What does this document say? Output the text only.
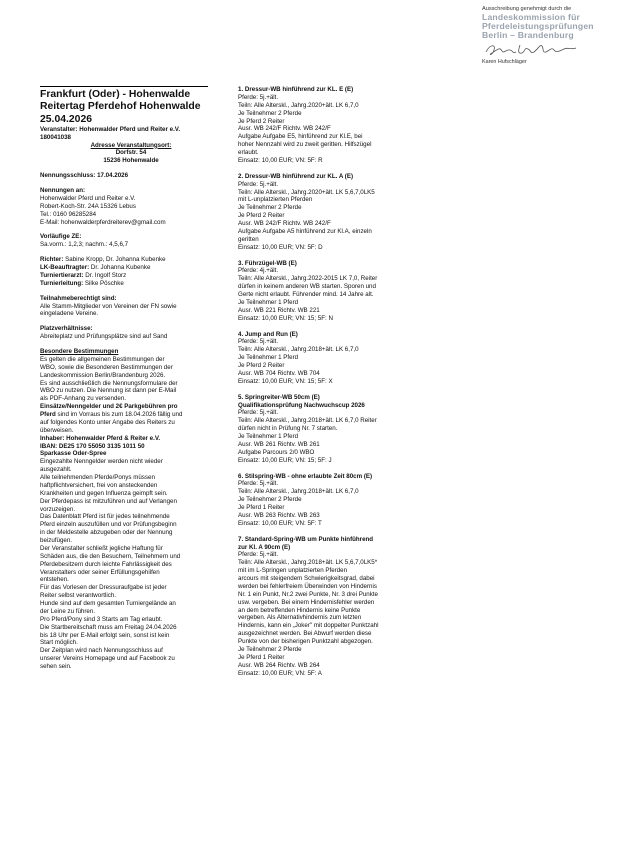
Ausschreibung genehmigt durch die
Landeskommission für
Pferdeleistungsprüfungen
Berlin – Brandenburg
Karen Hufschläger
Frankfurt (Oder) - Hohenwalde
Reitertag Pferdehof Hohenwalde
25.04.2026

Veranstalter: Hohenwalder Pferd und Reiter e.V.

180041038

Adresse Veranstaltungsort:

Dorfstr. 54

15236 Hohenwalde

Nennungsschluss: 17.04.2026

Nennungen an:

Hohenwalder Pferd und Reiter e.V.

Robert-Koch-Str. 24A 15326 Lebus

Tel.: 0160 96285284

E-Mail: hohenwalderpferdreiterev@gmail.com

Vorläufige ZE:

Sa.vorm.: 1,2,3; nachm.: 4,5,6,7

Richter: Sabine Kropp, Dr. Johanna Kubenke

LK-Beauftragter: Dr. Johanna Kubenke

Turniertierarzt: Dr. Ingolf Storz

Turnierleitung: Silke Pöschke

Teilnahmeberechtigt sind:

Alle Stamm-Mitglieder von Vereinen der FN sowie

eingeladene Vereine.

Platzverhältnisse:

Abreiteplatz und Prüfungsplätze sind auf Sand

Besondere Bestimmungen

Es gelten die allgemeinen Bestimmungen der

WBO, sowie die Besonderen Bestimmungen der

Landeskommission Berlin/Brandenburg 2026.

Es sind ausschließlich die Nennungsformulare der

WBO zu nutzen. Die Nennung ist dann per E-Mail

als PDF-Anhang zu versenden.

Einsätze/Nenngelder und 2€ Parkgebühren pro

Pferd sind im Vorraus bis zum 18.04.2026 fällig und

auf folgendes Konto unter Angabe des Reiters zu

überweisen.

Inhaber: Hohenwalder Pferd & Reiter e.V.

IBAN: DE25 170 55050 3135 1011 50

Sparkasse Oder-Spree

Eingezahlte Nenngelder werden nicht wieder

ausgezahlt.

Alle teilnehmenden Pferde/Ponys müssen

haftpflichtversichert, frei von ansteckenden

Krankheiten und gegen Influenza geimpft sein.

Der Pferdepass ist mitzuführen und auf Verlangen

vorzuzeigen.

Das Datenblatt Pferd ist für jedes teilnehmende

Pferd einzeln auszufüllen und vor Prüfungsbeginn

in der Meldestelle abzugeben oder der Nennung

beizufügen.

Der Veranstalter schließt jegliche Haftung für

Schäden aus, die den Besuchern, Teilnehmern und

Pferdebesitzern durch leichte Fahrlässigkeit des

Veranstalters oder seiner Erfüllungsgehilfen

entstehen.

Für das Vorlesen der Dressuraufgabe ist jeder

Reiter selbst verantwortlich.

Hunde sind auf dem gesamten Turniergelände an

der Leine zu führen.

Pro Pferd/Pony sind 3 Starts am Tag erlaubt.

Die Startbereitschaft muss am Freitag 24.04.2026

bis 18 Uhr per E-Mail erfolgt sein, sonst ist kein

Start möglich.

Der Zeitplan wird nach Nennungsschluss auf

unserer Vereins Homepage und auf Facebook zu

sehen sein.

1. Dressur-WB hinführend zur KL. E (E)

Pferde: 5j.+ält.

Teiln: Alle Alterskl., Jahrg.2020+ält. LK 6,7,0

Je Teilnehmer 2 Pferde

Je Pferd 2 Reiter

Ausr. WB 242/F Richtv. WB 242/F

Aufgabe Aufgabe E5, hinführend zur Kl.E, bei

hoher Nennzahl wird zu zweit geritten. Hilfszügel

erlaubt.

Einsatz: 10,00 EUR; VN: 5F: R

2. Dressur-WB hinführend zur KL. A (E)

Pferde: 5j.+ält.

Teiln: Alle Alterskl., Jahrg.2020+ält. LK 5,6,7,0LK5

mit L-unplatzierten Pferden

Je Teilnehmer 2 Pferde

Je Pferd 2 Reiter

Ausr. WB 242/F Richtv. WB 242/F

Aufgabe Aufgabe A5 hinführend zur Kl.A, einzeln

geritten

Einsatz: 10,00 EUR; VN: 5F: D

3. Führzügel-WB (E)

Pferde: 4j.+ält.

Teiln: Alle Alterskl., Jahrg.2022-2015 LK 7,0, Reiter

dürfen in keinem anderen WB starten. Sporen und

Gerte nicht erlaubt. Führender mind. 14 Jahre alt.

Je Teilnehmer 1 Pferd

Ausr. WB 221 Richtv. WB 221

Einsatz: 10,00 EUR; VN: 15; 5F: N

4. Jump and Run (E)

Pferde: 5j.+ält.

Teiln: Alle Alterskl., Jahrg.2018+ält. LK 6,7,0

Je Teilnehmer 1 Pferd

Je Pferd 2 Reiter

Ausr. WB 704 Richtv. WB 704

Einsatz: 10,00 EUR; VN: 15; 5F: X

5. Springreiter-WB 50cm (E)

Qualifikationsprüfung Nachwuchscup 2026

Pferde: 5j.+ält.

Teiln: Alle Alterskl., Jahrg.2018+ält. LK 6,7,0 Reiter

dürfen nicht in Prüfung Nr. 7 starten.

Je Teilnehmer 1 Pferd

Ausr. WB 261 Richtv. WB 261

Aufgabe Parcours 2/0 WBO

Einsatz: 10,00 EUR; VN: 15; 5F: J

6. Stilspring-WB - ohne erlaubte Zeit 80cm (E)

Pferde: 5j.+ält.

Teiln: Alle Alterskl., Jahrg.2018+ält. LK 6,7,0

Je Teilnehmer 2 Pferde

Je Pferd 1 Reiter

Ausr. WB 263 Richtv. WB 263

Einsatz: 10,00 EUR; VN: 5F: T

7. Standard-Spring-WB um Punkte hinführend

zur Kl. A 90cm (E)

Pferde: 5j.+ält.

Teiln: Alle Alterskl., Jahrg.2018+ält. LK 5,6,7,0LK5*

mit im L-Springen unplatzierten Pferden

arcours mit steigendem Schwierigkeitsgrad, dabei

werden bei fehlerfreiem Überwinden von Hindernis

Nr. 1 ein Punkt, Nr.2 zwei Punkte, Nr. 3 drei Punkte

usw. vergeben. Bei einem Hindernisfehler werden

an dem betreffenden Hindernis keine Punkte

vergeben. Als Alternativhindernis zum letzten

Hindernis, kann ein „Joker" mit doppelter Punktzahl

ausgezeichnet werden. Bei Abwurf werden diese

Punkte von der bisherigen Punktzahl abgezogen.

Je Teilnehmer 2 Pferde

Je Pferd 1 Reiter

Ausr. WB 264 Richtv. WB 264

Einsatz: 10,00 EUR; VN: 5F: A
